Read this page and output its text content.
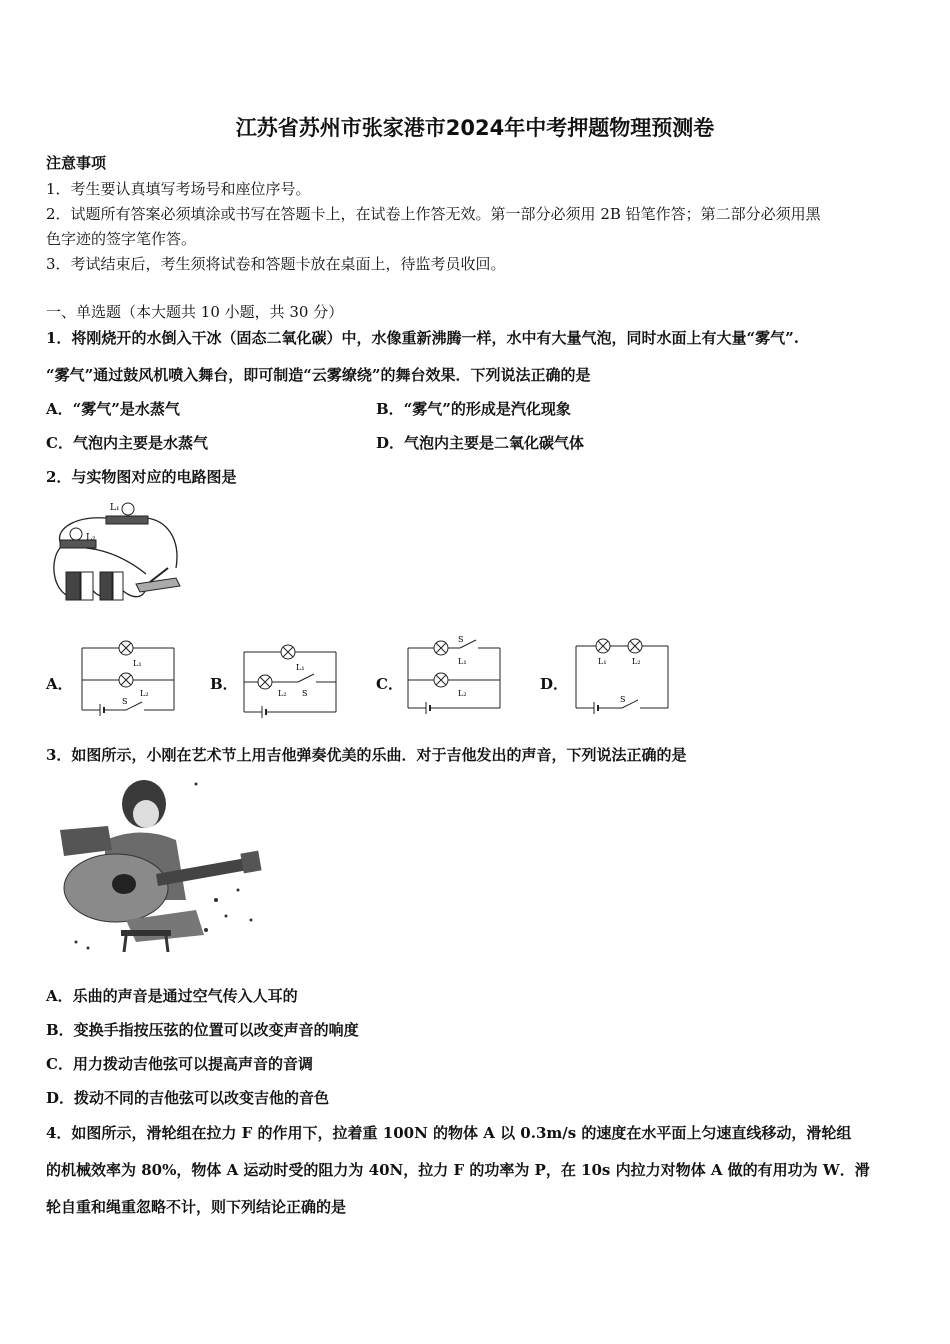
江苏省苏州市张家港市2024年中考押题物理预测卷
注意事项
1．考生要认真填写考场号和座位序号。
2．试题所有答案必须填涂或书写在答题卡上，在试卷上作答无效。第一部分必须用 2B 铅笔作答；第二部分必须用黑
色字迹的签字笔作答。
3．考试结束后，考生须将试卷和答题卡放在桌面上，待监考员收回。
一、单选题（本大题共 10 小题，共 30 分）
1．将刚烧开的水倒入干冰（固态二氧化碳）中，水像重新沸腾一样，水中有大量气泡，同时水面上有大量“雾气”.
“雾气”通过鼓风机喷入舞台，即可制造“云雾缭绕”的舞台效果．下列说法正确的是
A．“雾气”是水蒸气	B．“雾气”的形成是汽化现象
C．气泡内主要是水蒸气	D．气泡内主要是二氧化碳气体
2．与实物图对应的电路图是
L₁
L₂
A．
L₁
L₂
S
B．
L₁
L₂ S
C．
S
L₁
L₂
D．
L₁	L₂
S
3．如图所示，小刚在艺术节上用吉他弹奏优美的乐曲．对于吉他发出的声音，下列说法正确的是
A．乐曲的声音是通过空气传入人耳的
B．变换手指按压弦的位置可以改变声音的响度
C．用力拨动吉他弦可以提高声音的音调
D．拨动不同的吉他弦可以改变吉他的音色
4．如图所示，滑轮组在拉力 F 的作用下，拉着重 100N 的物体 A 以 0.3m/s 的速度在水平面上匀速直线移动，滑轮组
的机械效率为 80%，物体 A 运动时受的阻力为 40N，拉力 F 的功率为 P，在 10s 内拉力对物体 A 做的有用功为 W．滑
轮自重和绳重忽略不计，则下列结论正确的是
